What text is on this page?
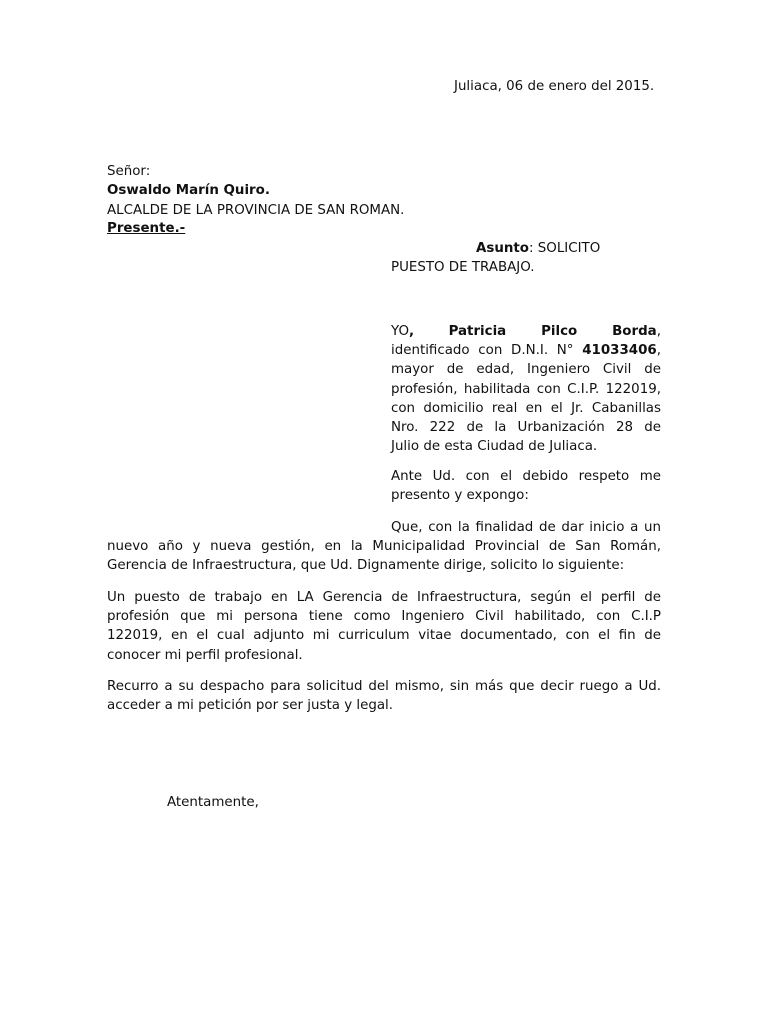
Juliaca, 06 de enero del 2015.
Señor:
Oswaldo Marín Quiro.
ALCALDE DE LA PROVINCIA DE SAN ROMAN.
Presente.-
Asunto: SOLICITO
PUESTO DE TRABAJO.
YO,	Patricia Pilco Borda,
identificado con D.N.I. N° 41033406,
mayor de edad, Ingeniero Civil de
profesión, habilitada con C.I.P. 122019,
con domicilio real en el Jr. Cabanillas
Nro. 222 de la Urbanización 28 de
Julio de esta Ciudad de Juliaca.
Ante Ud. con el debido respeto me
presento y expongo:
Que, con la finalidad de dar inicio a un
nuevo año y nueva gestión, en la Municipalidad Provincial de San Román,
Gerencia de Infraestructura, que Ud. Dignamente dirige, solicito lo siguiente:
Un puesto de trabajo en LA Gerencia de Infraestructura, según el perfil de
profesión que mi persona tiene como Ingeniero Civil habilitado, con C.I.P
122019, en el cual adjunto mi curriculum vitae documentado, con el fin de
conocer mi perfil profesional.
Recurro a su despacho para solicitud del mismo, sin más que decir ruego a Ud.
acceder a mi petición por ser justa y legal.
Atentamente,
